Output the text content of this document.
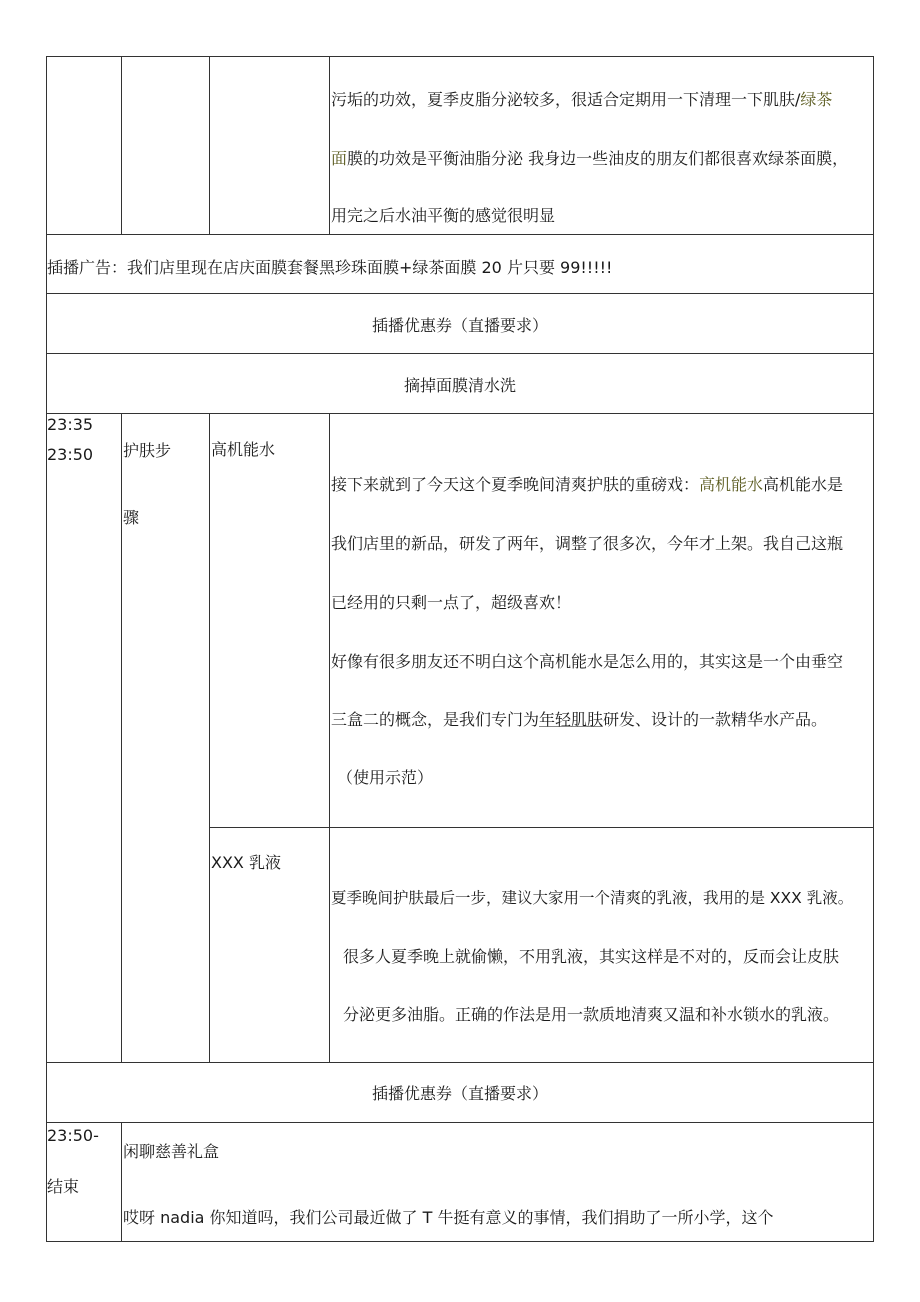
污垢的功效，夏季皮脂分泌较多，很适合定期用一下清理一下肌肤/绿茶
面膜的功效是平衡油脂分泌 我身边一些油皮的朋友们都很喜欢绿茶面膜，
用完之后水油平衡的感觉很明显
插播广告：我们店里现在店庆面膜套餐黑珍珠面膜+绿茶面膜 20 片只要 99!!!!!
插播优惠券（直播要求）
摘掉面膜清水洗
23:35
23:50 护肤步
骤
高机能水
接下来就到了今天这个夏季晚间清爽护肤的重磅戏：高机能水高机能水是
我们店里的新品，研发了两年，调整了很多次，今年才上架。我自己这瓶
已经用的只剩一点了，超级喜欢！
好像有很多朋友还不明白这个高机能水是怎么用的，其实这是一个由垂空
三盒二的概念，是我们专门为年轻肌肤研发、设计的一款精华水产品。
（使用示范）
XXX 乳液
夏季晚间护肤最后一步，建议大家用一个清爽的乳液，我用的是 XXX 乳液。
很多人夏季晚上就偷懒，不用乳液，其实这样是不对的，反而会让皮肤
分泌更多油脂。正确的作法是用一款质地清爽又温和补水锁水的乳液。
插播优惠券（直播要求）
23:50-
结束
闲聊慈善礼盒
哎呀 nadia 你知道吗，我们公司最近做了 T 牛挺有意义的事情，我们捐助了一所小学，这个
